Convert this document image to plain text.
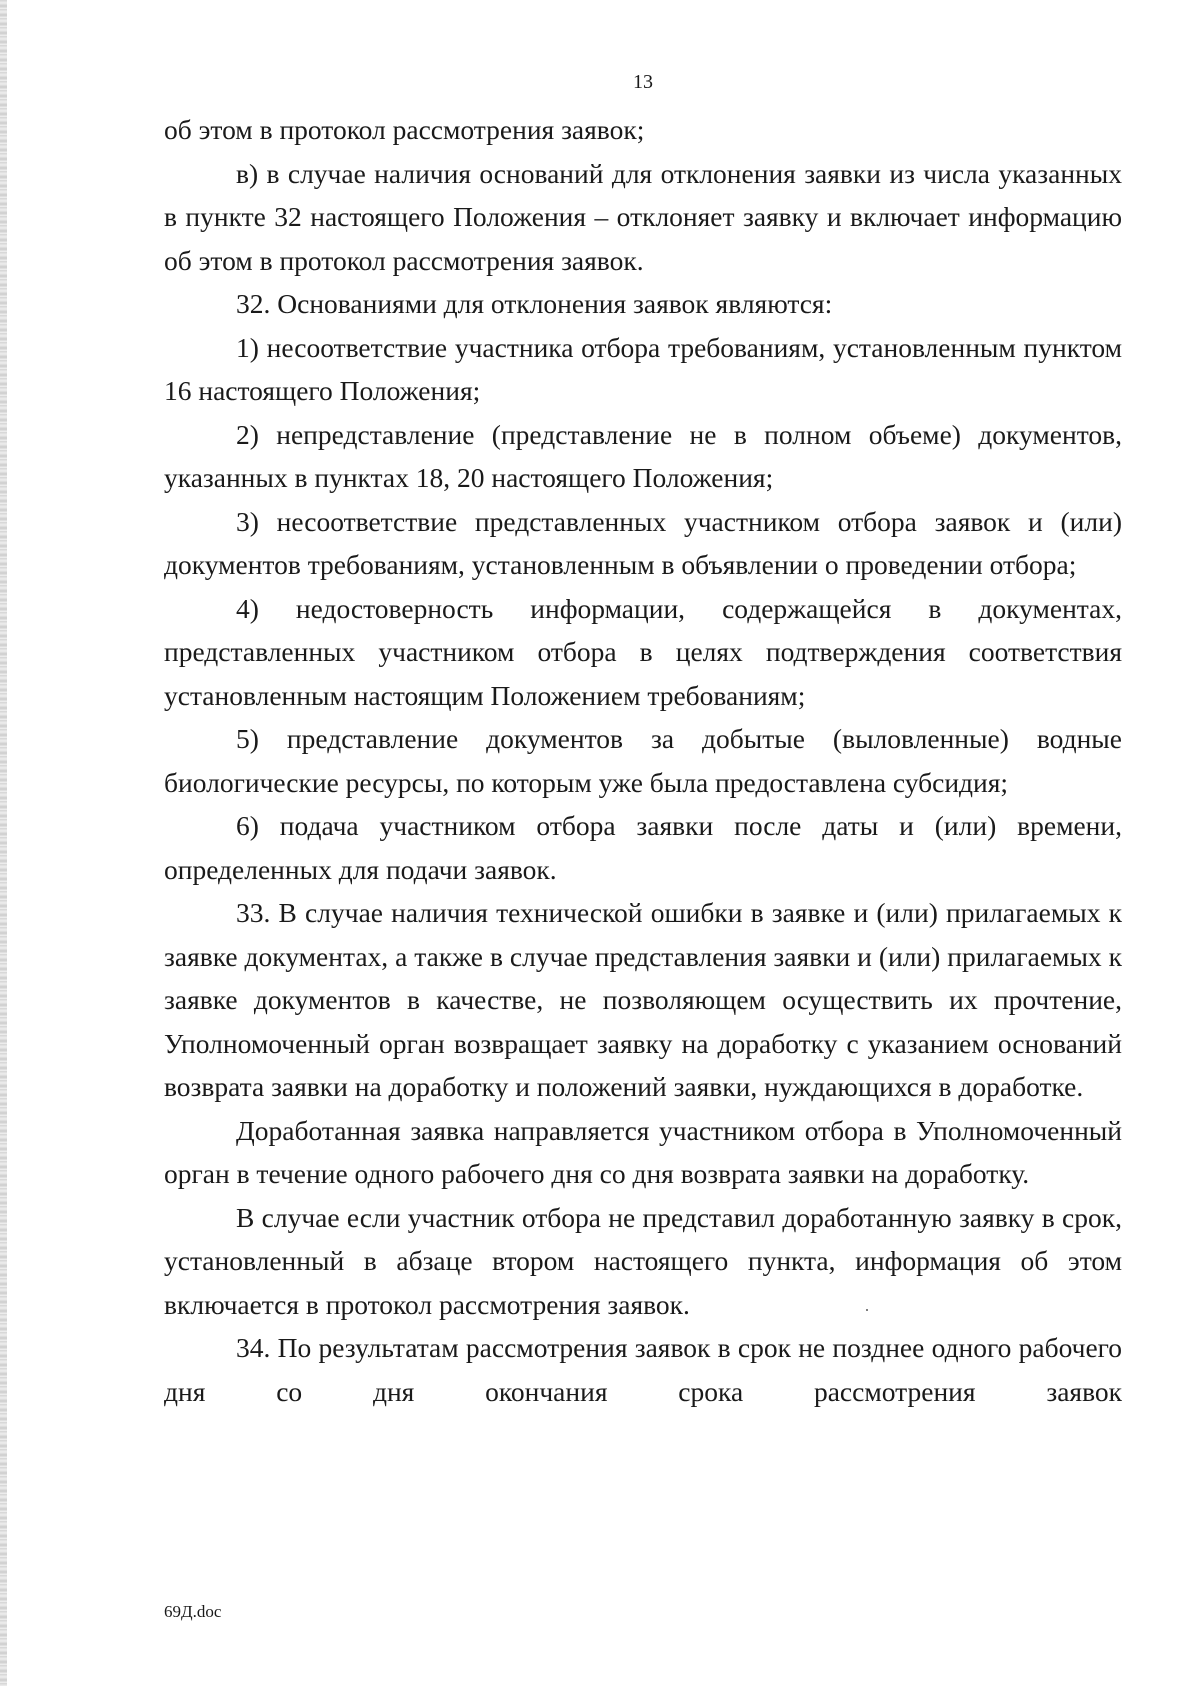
13

об этом в протокол рассмотрения заявок;

в) в случае наличия оснований для отклонения заявки из числа указанных в пункте 32 настоящего Положения – отклоняет заявку и включает информацию об этом в протокол рассмотрения заявок.

32. Основаниями для отклонения заявок являются:

1) несоответствие участника отбора требованиям, установленным пунктом 16 настоящего Положения;

2) непредставление (представление не в полном объеме) документов, указанных в пунктах 18, 20 настоящего Положения;

3) несоответствие представленных участником отбора заявок и (или) документов требованиям, установленным в объявлении о проведении отбора;

4) недостоверность информации, содержащейся в документах, представленных участником отбора в целях подтверждения соответствия установленным настоящим Положением требованиям;

5) представление документов за добытые (выловленные) водные биологические ресурсы, по которым уже была предоставлена субсидия;

6) подача участником отбора заявки после даты и (или) времени, определенных для подачи заявок.

33. В случае наличия технической ошибки в заявке и (или) прилагаемых к заявке документах, а также в случае представления заявки и (или) прилагаемых к заявке документов в качестве, не позволяющем осуществить их прочтение, Уполномоченный орган возвращает заявку на доработку с указанием оснований возврата заявки на доработку и положений заявки, нуждающихся в доработке.

Доработанная заявка направляется участником отбора в Уполномоченный орган в течение одного рабочего дня со дня возврата заявки на доработку.

В случае если участник отбора не представил доработанную заявку в срок, установленный в абзаце втором настоящего пункта, информация об этом включается в протокол рассмотрения заявок.

34. По результатам рассмотрения заявок в срок не позднее одного рабочего дня со дня окончания срока рассмотрения заявок

69Д.doc
